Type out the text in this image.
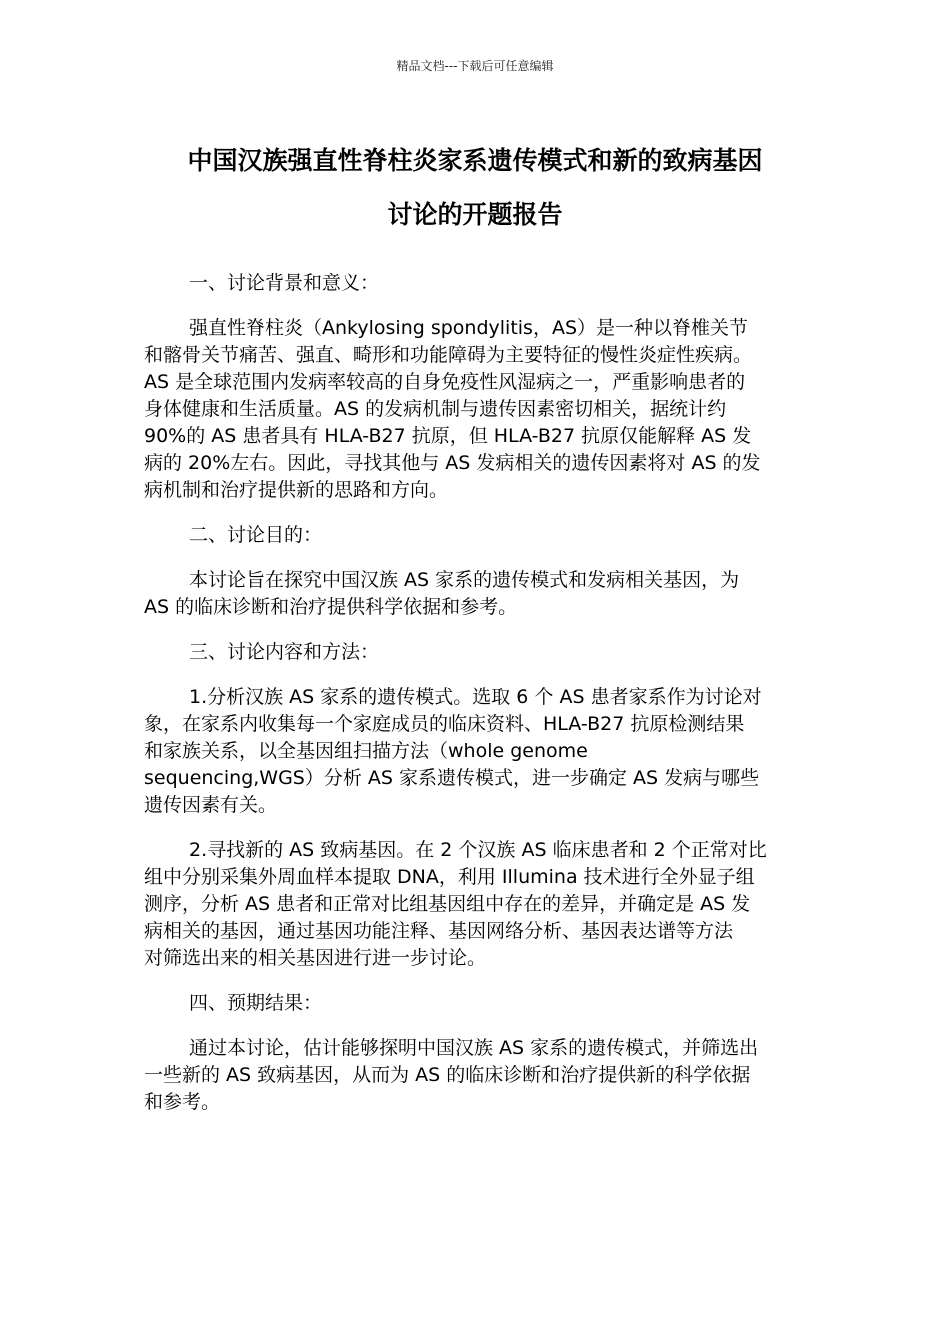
精品文档---下载后可任意编辑
中国汉族强直性脊柱炎家系遗传模式和新的致病基因
讨论的开题报告

一、讨论背景和意义：

强直性脊柱炎（Ankylosing spondylitis，AS）是一种以脊椎关节
和髂骨关节痛苦、强直、畸形和功能障碍为主要特征的慢性炎症性疾病。
AS 是全球范围内发病率较高的自身免疫性风湿病之一，严重影响患者的
身体健康和生活质量。AS 的发病机制与遗传因素密切相关，据统计约
90%的 AS 患者具有 HLA-B27 抗原，但 HLA-B27 抗原仅能解释 AS 发
病的 20%左右。因此，寻找其他与 AS 发病相关的遗传因素将对 AS 的发
病机制和治疗提供新的思路和方向。

二、讨论目的：

本讨论旨在探究中国汉族 AS 家系的遗传模式和发病相关基因，为
AS 的临床诊断和治疗提供科学依据和参考。

三、讨论内容和方法：

1.分析汉族 AS 家系的遗传模式。选取 6 个 AS 患者家系作为讨论对
象，在家系内收集每一个家庭成员的临床资料、HLA-B27 抗原检测结果
和家族关系，以全基因组扫描方法（whole genome
sequencing,WGS）分析 AS 家系遗传模式，进一步确定 AS 发病与哪些
遗传因素有关。
2.寻找新的 AS 致病基因。在 2 个汉族 AS 临床患者和 2 个正常对比
组中分别采集外周血样本提取 DNA，利用 Illumina 技术进行全外显子组
测序，分析 AS 患者和正常对比组基因组中存在的差异，并确定是 AS 发
病相关的基因，通过基因功能注释、基因网络分析、基因表达谱等方法
对筛选出来的相关基因进行进一步讨论。

四、预期结果：

通过本讨论，估计能够探明中国汉族 AS 家系的遗传模式，并筛选出
一些新的 AS 致病基因，从而为 AS 的临床诊断和治疗提供新的科学依据
和参考。
